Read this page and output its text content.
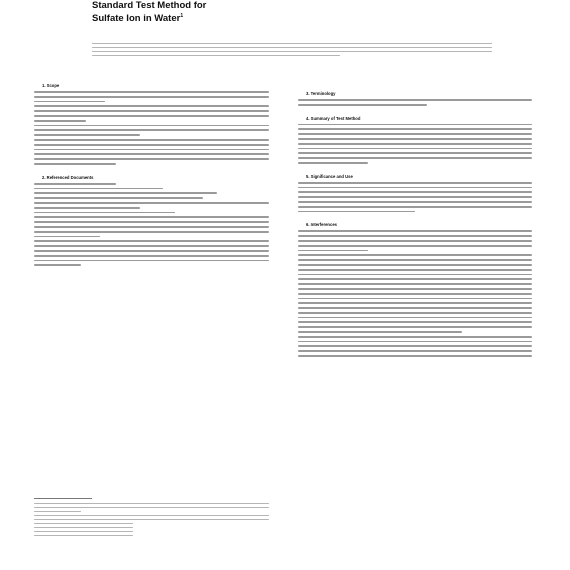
Standard Test Method for
Sulfate Ion in Water$^1$
1. Scope
2. Referenced Documents
3. Terminology
4. Summary of Test Method
5. Significance and Use
6. Interferences
